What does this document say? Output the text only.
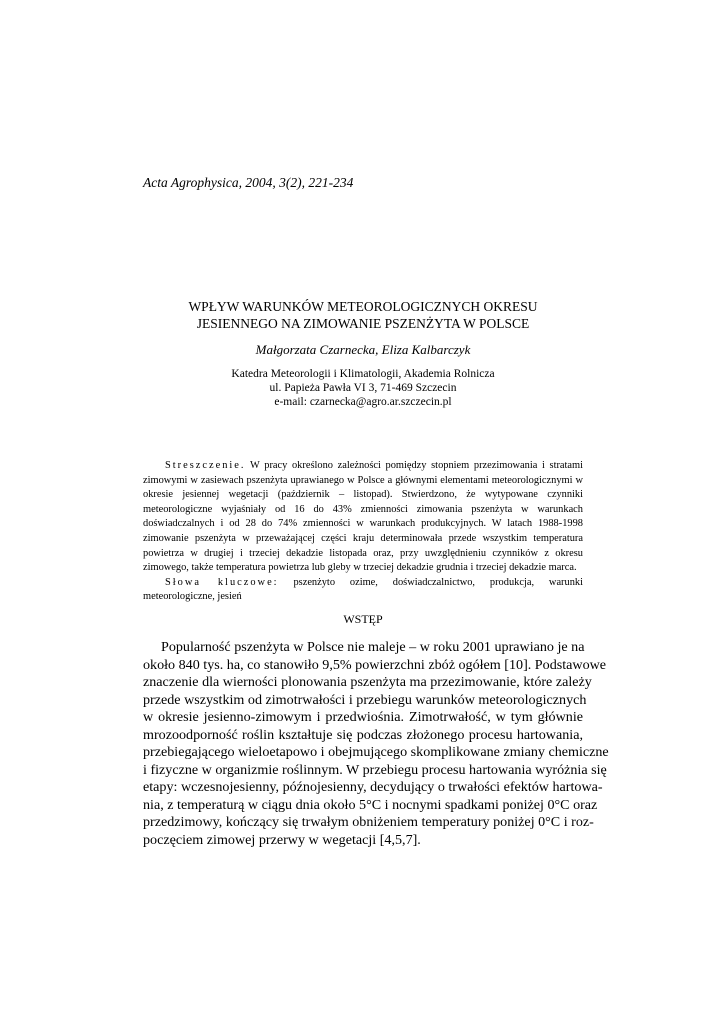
Acta Agrophysica, 2004, 3(2), 221-234
WPŁYW WARUNKÓW METEOROLOGICZNYCH OKRESU
JESIENNEGO NA ZIMOWANIE PSZENŻYTA W POLSCE
Małgorzata Czarnecka, Eliza Kalbarczyk
Katedra Meteorologii i Klimatologii, Akademia Rolnicza
ul. Papieża Pawła VI 3, 71-469 Szczecin
e-mail: czarnecka@agro.ar.szczecin.pl

Streszczenie. W pracy określono zależności pomiędzy stopniem przezimowania i stratami zimowymi w zasiewach pszenżyta uprawianego w Polsce a głównymi elementami meteorologicznymi w okresie jesiennej wegetacji (październik – listopad). Stwierdzono, że wytypowane czynniki meteorologiczne wyjaśniały od 16 do 43% zmienności zimowania pszenżyta w warunkach doświadczalnych i od 28 do 74% zmienności w warunkach produkcyjnych. W latach 1988-1998 zimowanie pszenżyta w przeważającej części kraju determinowała przede wszystkim temperatura powietrza w drugiej i trzeciej dekadzie listopada oraz, przy uwzględnieniu czynników z okresu zimowego, także temperatura powietrza lub gleby w trzeciej dekadzie grudnia i trzeciej dekadzie marca.

Słowa kluczowe: pszenżyto ozime, doświadczalnictwo, produkcja, warunki meteorologiczne, jesień

WSTĘP
Popularność pszenżyta w Polsce nie maleje – w roku 2001 uprawiano je na
około 840 tys. ha, co stanowiło 9,5% powierzchni zbóż ogółem [10]. Podstawowe
znaczenie dla wierności plonowania pszenżyta ma przezimowanie, które zależy
przede wszystkim od zimotrwałości i przebiegu warunków meteorologicznych
w okresie jesienno-zimowym i przedwiośnia. Zimotrwałość, w tym głównie
mrozoodporność roślin kształtuje się podczas złożonego procesu hartowania,
przebiegającego wieloetapowo i obejmującego skomplikowane zmiany chemiczne
i fizyczne w organizmie roślinnym. W przebiegu procesu hartowania wyróżnia się
etapy: wczesnojesienny, późnojesienny, decydujący o trwałości efektów hartowa-
nia, z temperaturą w ciągu dnia około 5°C i nocnymi spadkami poniżej 0°C oraz
przedzimowy, kończący się trwałym obniżeniem temperatury poniżej 0°C i roz-
poczęciem zimowej przerwy w wegetacji [4,5,7].
